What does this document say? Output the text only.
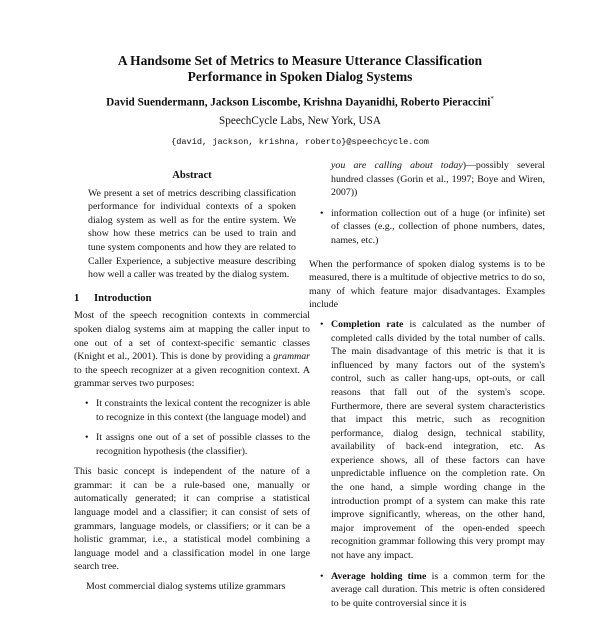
A Handsome Set of Metrics to Measure Utterance Classification
Performance in Spoken Dialog Systems
David Suendermann, Jackson Liscombe, Krishna Dayanidhi, Roberto Pieraccini*
SpeechCycle Labs, New York, USA
{david, jackson, krishna, roberto}@speechcycle.com
Abstract

We present a set of metrics describing classification performance for individual contexts of a spoken dialog system as well as for the entire system. We show how these metrics can be used to train and tune system components and how they are related to Caller Experience, a subjective measure describing how well a caller was treated by the dialog system.

1 Introduction

Most of the speech recognition contexts in commercial spoken dialog systems aim at mapping the caller input to one out of a set of context-specific semantic classes (Knight et al., 2001). This is done by providing a grammar to the speech recognizer at a given recognition context. A grammar serves two purposes:

• It constraints the lexical content the recognizer is able to recognize in this context (the language model) and
• It assigns one out of a set of possible classes to the recognition hypothesis (the classifier).

This basic concept is independent of the nature of a grammar: it can be a rule-based one, manually or automatically generated; it can comprise a statistical language model and a classifier; it can consist of sets of grammars, language models, or classifiers; or it can be a holistic grammar, i.e., a statistical model combining a language model and a classification model in one large search tree.

Most commercial dialog systems utilize grammars

you are calling about today)—possibly several hundred classes (Gorin et al., 1997; Boye and Wiren, 2007))
• information collection out of a huge (or infinite) set of classes (e.g., collection of phone numbers, dates, names, etc.)

When the performance of spoken dialog systems is to be measured, there is a multitude of objective metrics to do so, many of which feature major disadvantages. Examples include

• Completion rate is calculated as the number of completed calls divided by the total number of calls. The main disadvantage of this metric is that it is influenced by many factors out of the system's control, such as caller hang-ups, opt-outs, or call reasons that fall out of the system's scope. Furthermore, there are several system characteristics that impact this metric, such as recognition performance, dialog design, technical stability, availability of back-end integration, etc. As experience shows, all of these factors can have unpredictable influence on the completion rate. On the one hand, a simple wording change in the introduction prompt of a system can make this rate improve significantly, whereas, on the other hand, major improvement of the open-ended speech recognition grammar following this very prompt may not have any impact.
• Average holding time is a common term for the average call duration. This metric is often considered to be quite controversial since it is
